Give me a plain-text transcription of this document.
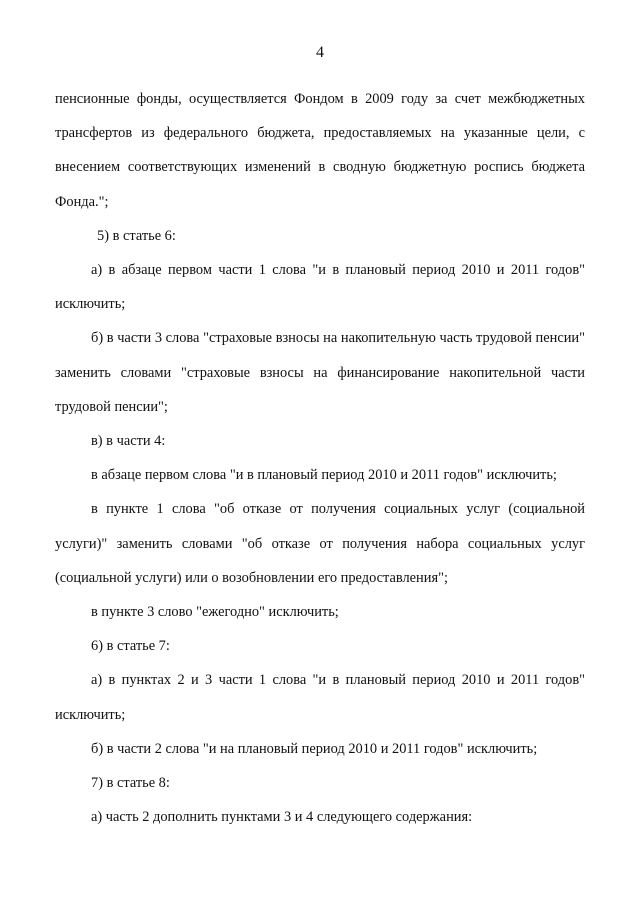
4

пенсионные фонды, осуществляется Фондом в 2009 году за счет межбюджетных трансфертов из федерального бюджета, предоставляемых на указанные цели, с внесением соответствующих изменений в сводную бюджетную роспись бюджета Фонда.";

5) в статье 6:

а) в абзаце первом части 1 слова "и в плановый период 2010 и 2011 годов" исключить;

б) в части 3 слова "страховые взносы на накопительную часть трудовой пенсии" заменить словами "страховые взносы на финансирование накопительной части трудовой пенсии";

в) в части 4:

в абзаце первом слова "и в плановый период 2010 и 2011 годов" исключить;

в пункте 1 слова "об отказе от получения социальных услуг (социальной услуги)" заменить словами "об отказе от получения набора социальных услуг (социальной услуги) или о возобновлении его предоставления";

в пункте 3 слово "ежегодно" исключить;

6) в статье 7:

а) в пунктах 2 и 3 части 1 слова "и в плановый период 2010 и 2011 годов" исключить;

б) в части 2 слова "и на плановый период 2010 и 2011 годов" исключить;

7) в статье 8:

а) часть 2 дополнить пунктами 3 и 4 следующего содержания:
